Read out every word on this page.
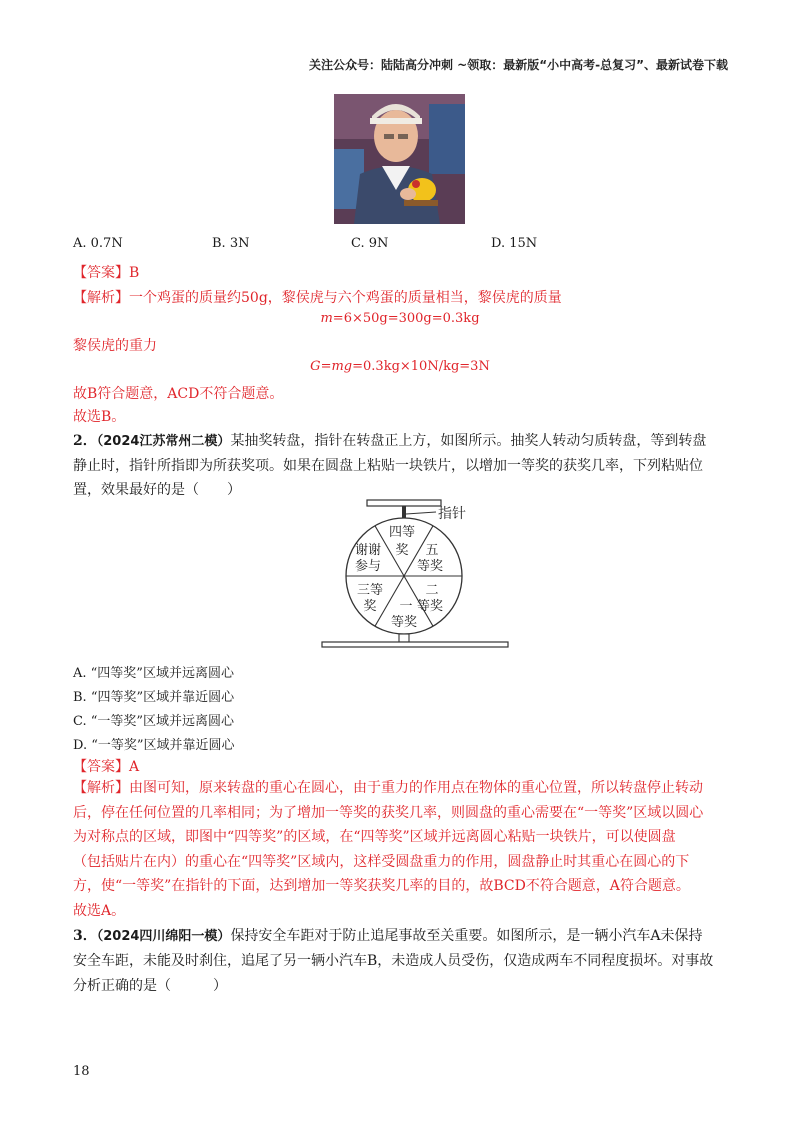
关注公众号：陆陆高分冲刺 ~领取：最新版“小中高考-总复习”、最新试卷下载
A. 0.7N	B. 3N	C. 9N	D. 15N
【答案】B
【解析】一个鸡蛋的质量约50g，黎侯虎与六个鸡蛋的质量相当，黎侯虎的质量
m=6×50g=300g=0.3kg
黎侯虎的重力
G=mg=0.3kg×10N/kg=3N
故B符合题意，ACD不符合题意。
故选B。
2．（2024江苏常州二模）某抽奖转盘，指针在转盘正上方，如图所示。抽奖人转动匀质转盘，等到转盘
静止时，指针所指即为所获奖项。如果在圆盘上粘贴一块铁片，以增加一等奖的获奖几率，下列粘贴位
置，效果最好的是（　　）
指针
四等
奖 五
等奖
二
等奖
一
等奖
三等
奖
谢谢
参与
A. “四等奖”区域并远离圆心
B. “四等奖”区域并靠近圆心
C. “一等奖”区域并远离圆心
D. “一等奖”区域并靠近圆心
【答案】A
【解析】由图可知，原来转盘的重心在圆心，由于重力的作用点在物体的重心位置，所以转盘停止转动
后，停在任何位置的几率相同；为了增加一等奖的获奖几率，则圆盘的重心需要在“一等奖”区域以圆心
为对称点的区域，即图中“四等奖”的区域，在“四等奖”区域并远离圆心粘贴一块铁片，可以使圆盘
（包括贴片在内）的重心在“四等奖”区域内，这样受圆盘重力的作用，圆盘静止时其重心在圆心的下
方，使“一等奖”在指针的下面，达到增加一等奖获奖几率的目的，故BCD不符合题意，A符合题意。
故选A。
3．（2024四川绵阳一模）保持安全车距对于防止追尾事故至关重要。如图所示，是一辆小汽车A未保持
安全车距，未能及时刹住，追尾了另一辆小汽车B，未造成人员受伤，仅造成两车不同程度损坏。对事故
分析正确的是（　　　）
18
